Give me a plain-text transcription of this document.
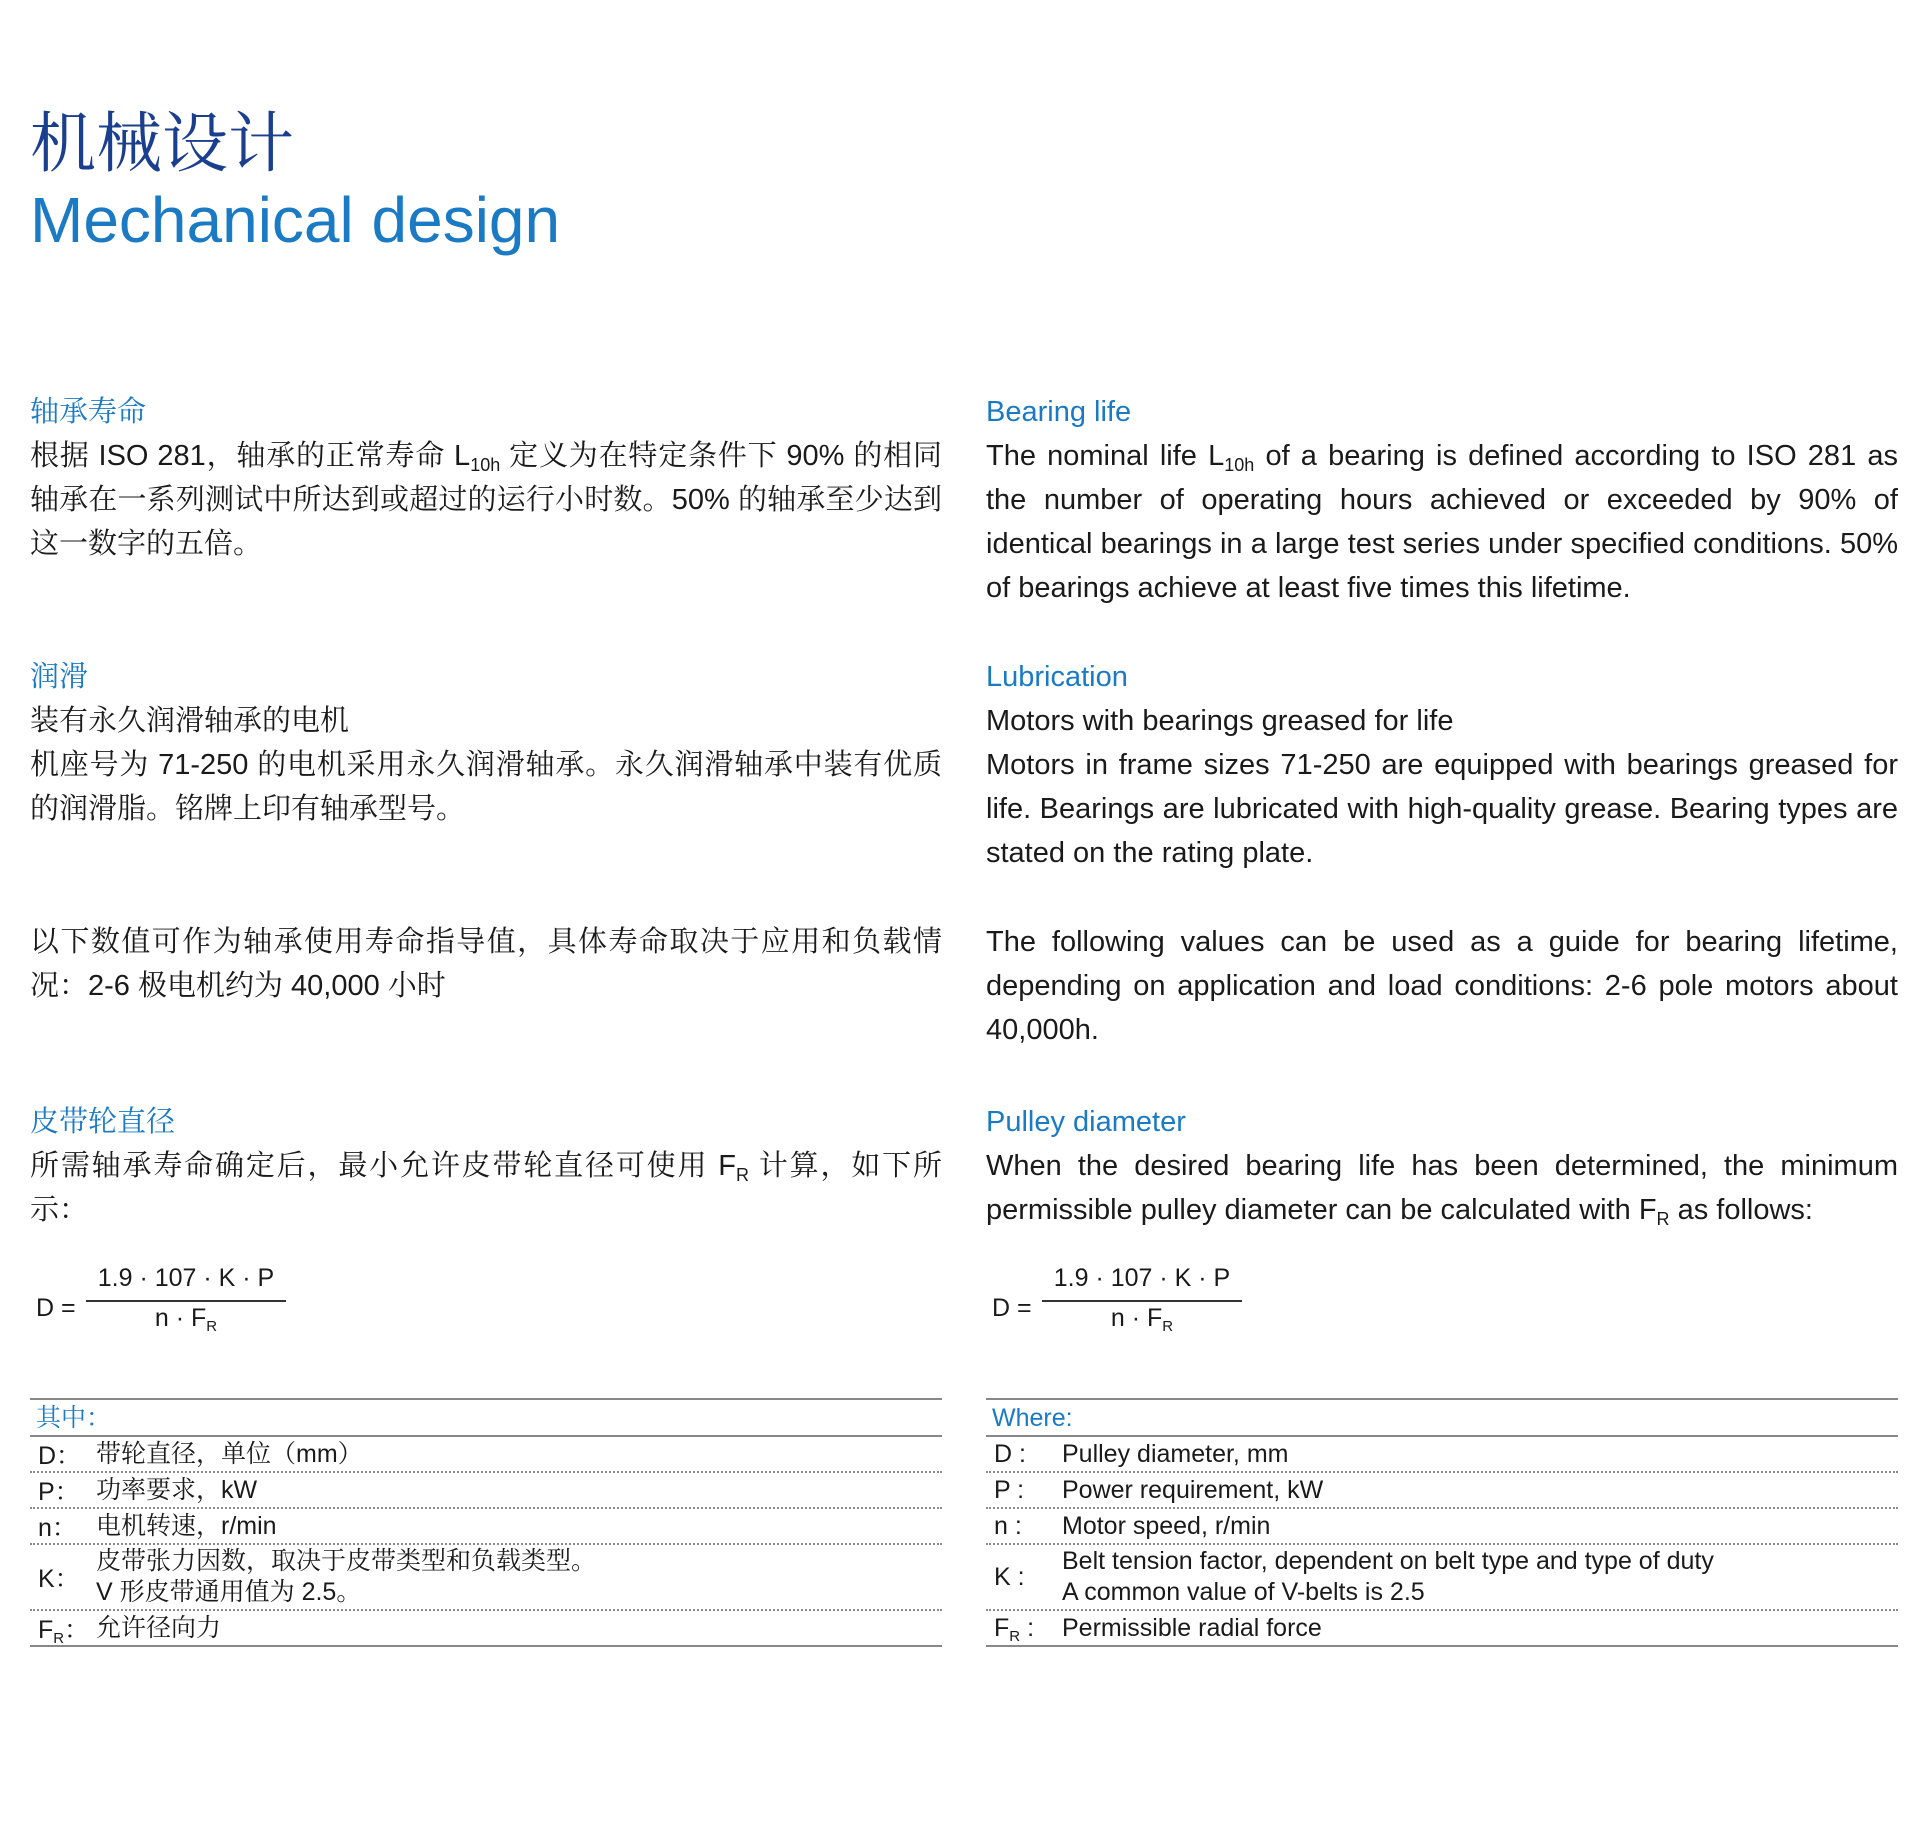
机械设计
Mechanical design
轴承寿命
根据 ISO 281，轴承的正常寿命 $L_{10h}$ 定义为在特定条件下 90% 的相同轴承在一系列测试中所达到或超过的运行小时数。50% 的轴承至少达到这一数字的五倍。
润滑
装有永久润滑轴承的电机
机座号为 71-250 的电机采用永久润滑轴承。永久润滑轴承中装有优质的润滑脂。铭牌上印有轴承型号。
以下数值可作为轴承使用寿命指导值，具体寿命取决于应用和负载情况：2-6 极电机约为 40,000 小时
皮带轮直径
所需轴承寿命确定后，最小允许皮带轮直径可使用 $F_R$ 计算，如下所示：
D =
1.9 · 107 · K · P
$n \cdot F_R$
其中：
D： 带轮直径，单位（mm）
P： 功率要求，kW
n： 电机转速，r/min
K：
皮带张力因数，取决于皮带类型和负载类型。
V 形皮带通用值为 2.5。
$F_R$： 允许径向力
Bearing life
The nominal life $L_{10h}$ of a bearing is defined according to ISO 281 as the number of operating hours achieved or exceeded by 90% of identical bearings in a large test series under specified conditions. 50% of bearings achieve at least five times this lifetime.
Lubrication
Motors with bearings greased for life
Motors in frame sizes 71-250 are equipped with bearings greased for life. Bearings are lubricated with high-quality grease. Bearing types are stated on the rating plate.
The following values can be used as a guide for bearing lifetime, depending on application and load conditions: 2-6 pole motors about 40,000h.
Pulley diameter
When the desired bearing life has been determined, the minimum permissible pulley diameter can be calculated with $F_R$ as follows:
D =
1.9 · 107 · K · P
$n \cdot F_R$
Where:
D :	Pulley diameter, mm
P :	Power requirement, kW
n :	Motor speed, r/min
K :
Belt tension factor, dependent on belt type and type of duty
A common value of V-belts is 2.5
$F_R$ :	Permissible radial force
